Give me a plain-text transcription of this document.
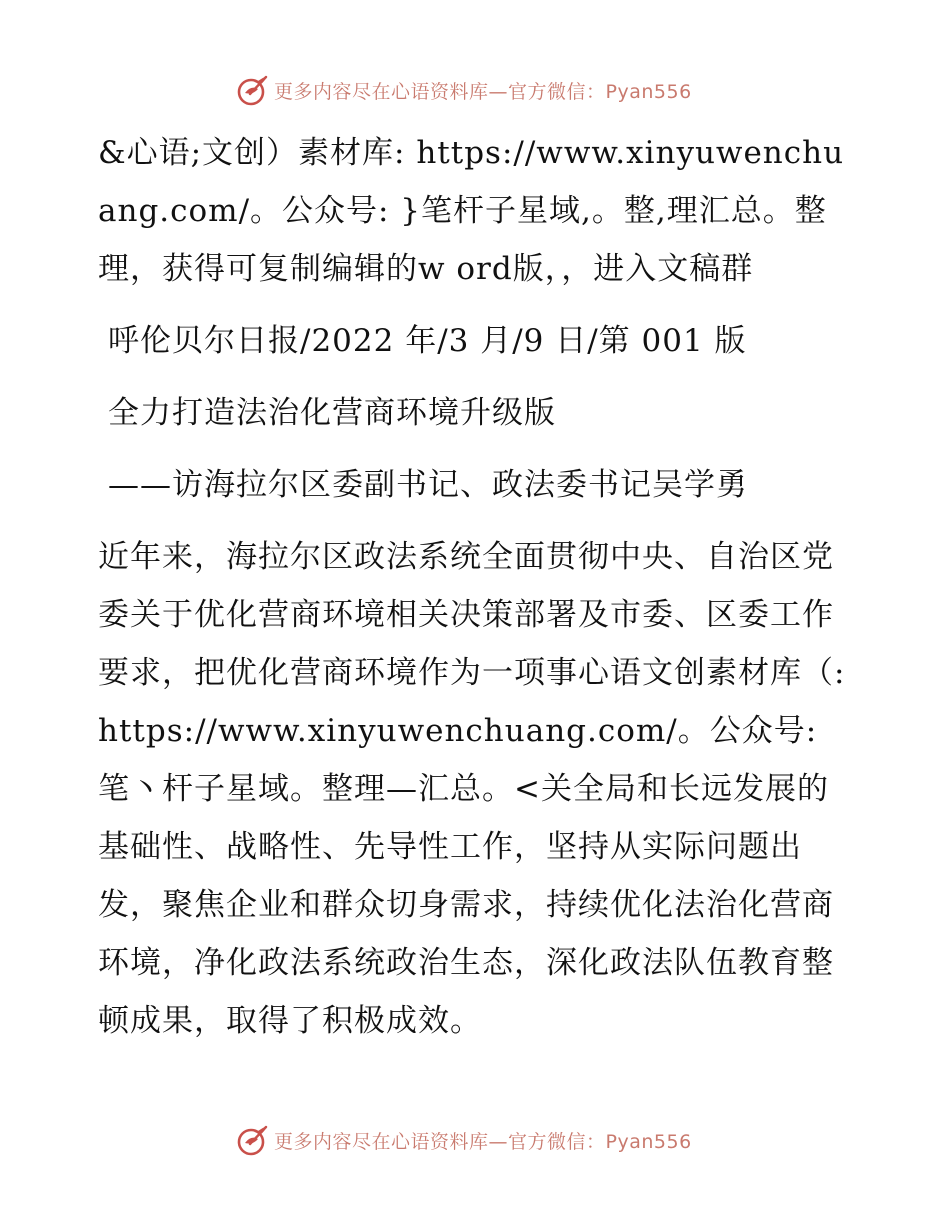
更多内容尽在心语资料库—官方微信：Pyan556

&心语;文创）素材库: https://www.xinyuwenchuang.com/。公众号: }笔杆子星域,。整,理汇总。整理，获得可复制编辑的w ord版，，进入文稿群

呼伦贝尔日报/2022 年/3 月/9 日/第 001 版

全力打造法治化营商环境升级版

——访海拉尔区委副书记、政法委书记吴学勇

近年来，海拉尔区政法系统全面贯彻中央、自治区党委关于优化营商环境相关决策部署及市委、区委工作要求，把优化营商环境作为一项事心语文创素材库（: https://www.xinyuwenchuang.com/。公众号: 笔丶杆子星域。整理—汇总。<关全局和长远发展的基础性、战略性、先导性工作，坚持从实际问题出发，聚焦企业和群众切身需求，持续优化法治化营商环境，净化政法系统政治生态，深化政法队伍教育整顿成果，取得了积极成效。

更多内容尽在心语资料库—官方微信：Pyan556
